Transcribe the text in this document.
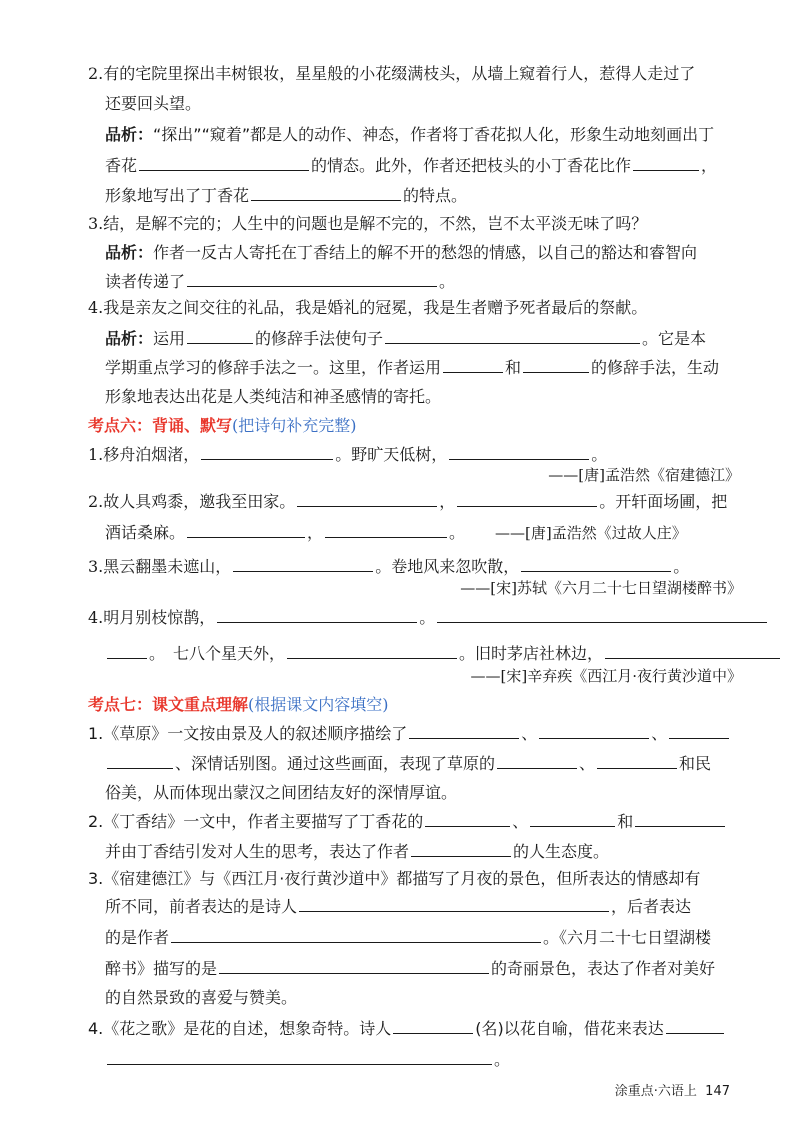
2.有的宅院里探出丰树银妆，星星般的小花缀满枝头，从墙上窥着行人，惹得人走过了
还要回头望。
品析：“探出”“窥着”都是人的动作、神态，作者将丁香花拟人化，形象生动地刻画出丁
香花	的情态。此外，作者还把枝头的小丁香花比作	，
形象地写出了丁香花	的特点。
3.结，是解不完的；人生中的问题也是解不完的，不然，岂不太平淡无味了吗？
品析：作者一反古人寄托在丁香结上的解不开的愁怨的情感，以自己的豁达和睿智向
读者传递了	。
4.我是亲友之间交往的礼品，我是婚礼的冠冕，我是生者赠予死者最后的祭献。
品析：运用	的修辞手法使句子	。它是本
学期重点学习的修辞手法之一。这里，作者运用	和	的修辞手法，生动
形象地表达出花是人类纯洁和神圣感情的寄托。
考点六：背诵、默写(把诗句补充完整)
1.移舟泊烟渚，	。野旷天低树，	。
——[唐]孟浩然《宿建德江》
2.故人具鸡黍，邀我至田家。	，	。开轩面场圃，把
酒话桑麻。	，	。 ——[唐]孟浩然《过故人庄》
3.黑云翻墨未遮山，	。卷地风来忽吹散，	。
——[宋]苏轼《六月二十七日望湖楼醉书》
4.明月别枝惊鹊，	。
。　七八个星天外，	。旧时茅店社林边，
——[宋]辛弃疾《西江月·夜行黄沙道中》
考点七：课文重点理解(根据课文内容填空)
1.《草原》一文按由景及人的叙述顺序描绘了	、	、
、深情话别图。通过这些画面，表现了草原的	、	和民
俗美，从而体现出蒙汉之间团结友好的深情厚谊。
2.《丁香结》一文中，作者主要描写了丁香花的	、	和
并由丁香结引发对人生的思考，表达了作者	的人生态度。
3.《宿建德江》与《西江月·夜行黄沙道中》都描写了月夜的景色，但所表达的情感却有
所不同，前者表达的是诗人	，后者表达
的是作者	。《六月二十七日望湖楼
醉书》描写的是	的奇丽景色，表达了作者对美好
的自然景致的喜爱与赞美。
4.《花之歌》是花的自述，想象奇特。诗人	(名)以花自喻，借花来表达
。
涂重点·六语上 147
